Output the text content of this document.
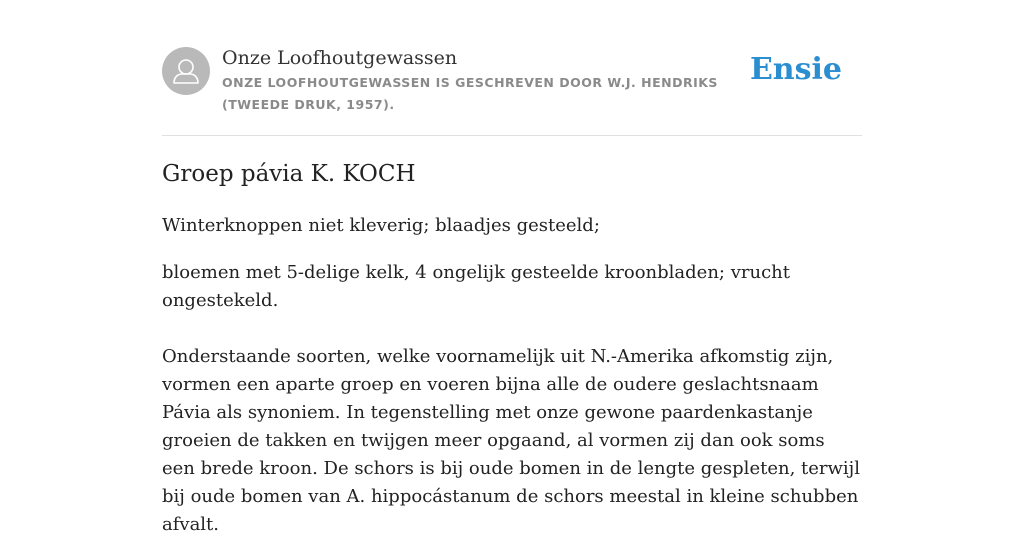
Onze Loofhoutgewassen
ONZE LOOFHOUTGEWASSEN IS GESCHREVEN DOOR W.J. HENDRIKS (TWEEDE DRUK, 1957).
Ensie
Groep pávia K. KOCH

Winterknoppen niet kleverig; blaadjes gesteeld;

bloemen met 5-delige kelk, 4 ongelijk gesteelde kroonbladen; vrucht ongestekeld.

Onderstaande soorten, welke voornamelijk uit N.-Amerika afkomstig zijn, vormen een aparte groep en voeren bijna alle de oudere geslachtsnaam Pávia als synoniem. In tegenstelling met onze gewone paardenkastanje groeien de takken en twijgen meer opgaand, al vormen zij dan ook soms een brede kroon. De schors is bij oude bomen in de lengte gespleten, terwijl bij oude bomen van A. hippocástanum de schors meestal in kleine schubben afvalt.
